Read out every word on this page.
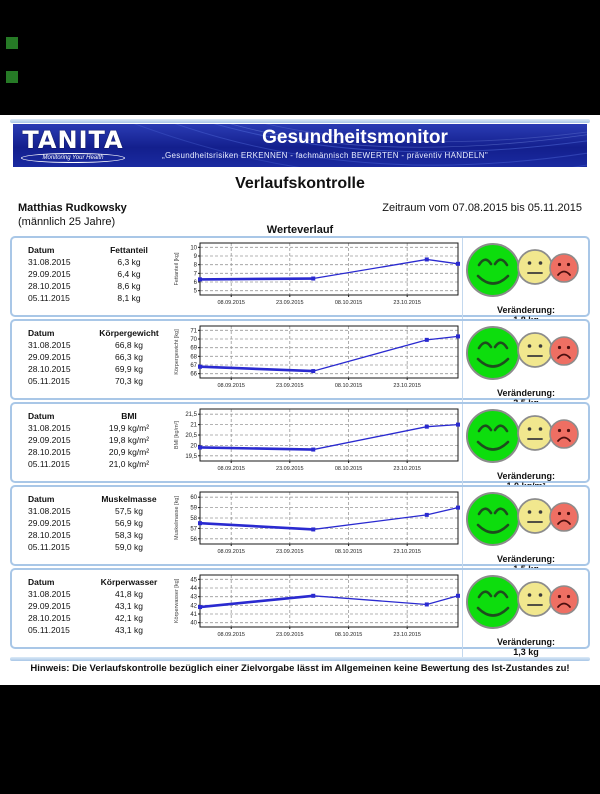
TANITA
Monitoring Your Health
Gesundheitsmonitor
„Gesundheitsrisiken ERKENNEN - fachmännisch BEWERTEN - präventiv HANDELN"
Verlaufskontrolle
Matthias Rudkowsky
(männlich 25 Jahre)
Zeitraum vom 07.08.2015 bis 05.11.2015
Werteverlauf
Datum	Fettanteil
31.08.2015	6,3 kg
29.09.2015	6,4 kg
28.10.2015	8,6 kg
05.11.2015	8,1 kg
Fettanteil [kg]
10
9
8
7
6
5
08.09.2015	23.09.2015	08.10.2015	23.10.2015
Veränderung:
Datum	Körpergewicht
31.08.2015	66,8 kg
29.09.2015	66,3 kg
28.10.2015	69,9 kg
05.11.2015	70,3 kg
Körpergewicht [kg] 71
70
69
68
67
66
08.09.2015	23.09.2015	08.10.2015	23.10.2015
Veränderung:
Datum	BMI
31.08.2015	19,9 kg/m²
29.09.2015	19,8 kg/m²
28.10.2015	20,9 kg/m²
05.11.2015	21,0 kg/m²
BMI [kg/m²]
21,5
21
20,5
20
19,5
08.09.2015	23.09.2015	08.10.2015	23.10.2015
Veränderung:
Datum	Muskelmasse
31.08.2015	57,5 kg
29.09.2015	56,9 kg
28.10.2015	58,3 kg
05.11.2015	59,0 kg
Muskelmasse [kg] 60
59
58
57
56
08.09.2015	23.09.2015	08.10.2015	23.10.2015
Veränderung:
Datum	Körperwasser
31.08.2015	41,8 kg
29.09.2015	43,1 kg
28.10.2015	42,1 kg
05.11.2015	43,1 kg
Körperwasser [kg] 45
44
43
42
41
40
08.09.2015	23.09.2015	08.10.2015	23.10.2015
Veränderung:
1,3 kg
Hinweis: Die Verlaufskontrolle bezüglich einer Zielvorgabe lässt im Allgemeinen keine Bewertung des Ist-Zustandes zu!
